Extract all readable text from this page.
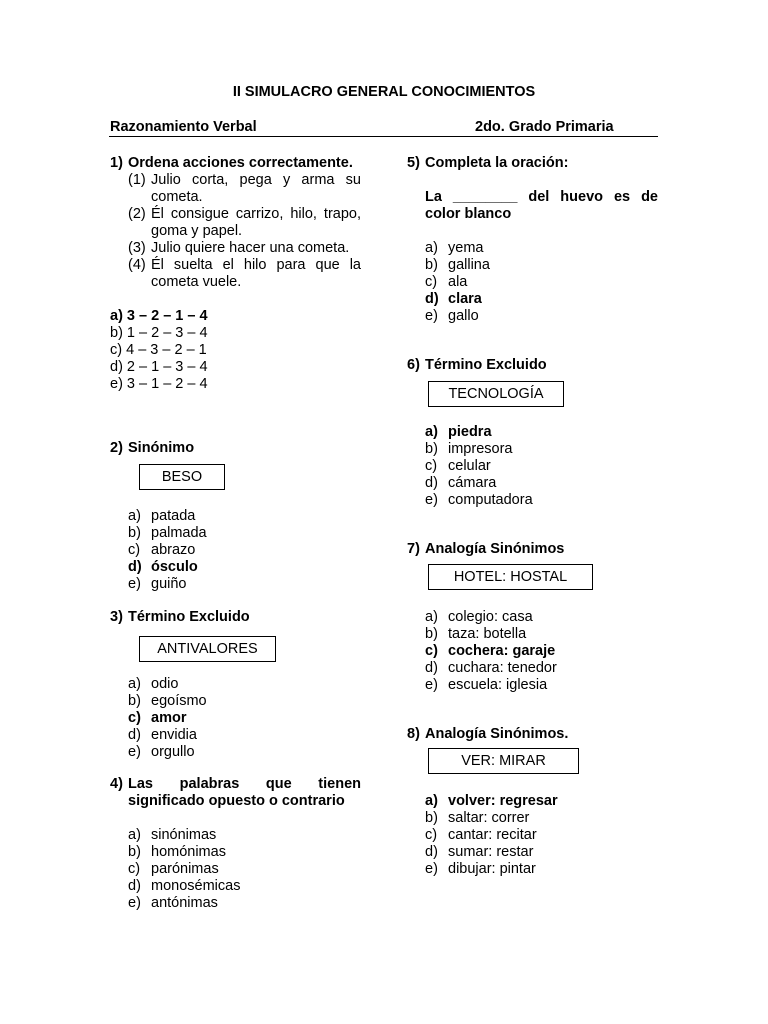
II SIMULACRO GENERAL CONOCIMIENTOS
Razonamiento Verbal	2do. Grado Primaria
1) Ordena acciones correctamente.
(1) Julio corta, pega y arma su cometa.
(2) Él consigue carrizo, hilo, trapo, goma y papel.
(3) Julio quiere hacer una cometa.
(4) Él suelta el hilo para que la cometa vuele.
a) 3 – 2 – 1 – 4
b) 1 – 2 – 3 – 4
c) 4 – 3 – 2 – 1
d) 2 – 1 – 3 – 4
e) 3 – 1 – 2 – 4
2) Sinónimo
BESO
a) patada
b) palmada
c) abrazo
d) ósculo
e) guiño
3) Término Excluido
ANTIVALORES
a) odio
b) egoísmo
c) amor
d) envidia
e) orgullo
4) Las palabras que tienen significado opuesto o contrario
a) sinónimas
b) homónimas
c) parónimas
d) monosémicas
e) antónimas
5) Completa la oración:
La ________ del huevo es de color blanco
a) yema
b) gallina
c) ala
d) clara
e) gallo
6) Término Excluido
TECNOLOGÍA
a) piedra
b) impresora
c) celular
d) cámara
e) computadora
7) Analogía Sinónimos
HOTEL: HOSTAL
a) colegio: casa
b) taza: botella
c) cochera: garaje
d) cuchara: tenedor
e) escuela: iglesia
8) Analogía Sinónimos.
VER: MIRAR
a) volver: regresar
b) saltar: correr
c) cantar: recitar
d) sumar: restar
e) dibujar: pintar
